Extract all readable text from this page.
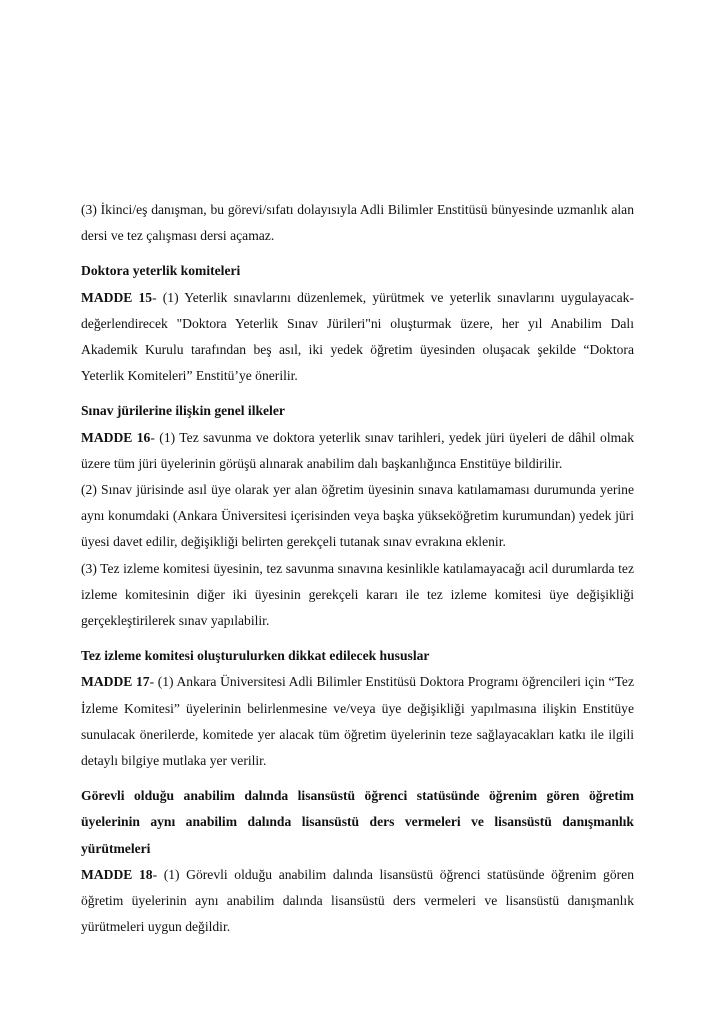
(3) İkinci/eş danışman, bu görevi/sıfatı dolayısıyla Adli Bilimler Enstitüsü bünyesinde uzmanlık alan dersi ve tez çalışması dersi açamaz.

Doktora yeterlik komiteleri

MADDE 15- (1) Yeterlik sınavlarını düzenlemek, yürütmek ve yeterlik sınavlarını uygulayacak-değerlendirecek "Doktora Yeterlik Sınav Jürileri"ni oluşturmak üzere, her yıl Anabilim Dalı Akademik Kurulu tarafından beş asıl, iki yedek öğretim üyesinden oluşacak şekilde “Doktora Yeterlik Komiteleri” Enstitü’ye önerilir.

Sınav jürilerine ilişkin genel ilkeler

MADDE 16- (1) Tez savunma ve doktora yeterlik sınav tarihleri, yedek jüri üyeleri de dâhil olmak üzere tüm jüri üyelerinin görüşü alınarak anabilim dalı başkanlığınca Enstitüye bildirilir.

(2) Sınav jürisinde asıl üye olarak yer alan öğretim üyesinin sınava katılamaması durumunda yerine aynı konumdaki (Ankara Üniversitesi içerisinden veya başka yükseköğretim kurumundan) yedek jüri üyesi davet edilir, değişikliği belirten gerekçeli tutanak sınav evrakına eklenir.

(3) Tez izleme komitesi üyesinin, tez savunma sınavına kesinlikle katılamayacağı acil durumlarda tez izleme komitesinin diğer iki üyesinin gerekçeli kararı ile tez izleme komitesi üye değişikliği gerçekleştirilerek sınav yapılabilir.

Tez izleme komitesi oluşturulurken dikkat edilecek hususlar

MADDE 17- (1) Ankara Üniversitesi Adli Bilimler Enstitüsü Doktora Programı öğrencileri için “Tez İzleme Komitesi” üyelerinin belirlenmesine ve/veya üye değişikliği yapılmasına ilişkin Enstitüye sunulacak önerilerde, komitede yer alacak tüm öğretim üyelerinin teze sağlayacakları katkı ile ilgili detaylı bilgiye mutlaka yer verilir.

Görevli olduğu anabilim dalında lisansüstü öğrenci statüsünde öğrenim gören öğretim üyelerinin aynı anabilim dalında lisansüstü ders vermeleri ve lisansüstü danışmanlık yürütmeleri

MADDE 18- (1) Görevli olduğu anabilim dalında lisansüstü öğrenci statüsünde öğrenim gören öğretim üyelerinin aynı anabilim dalında lisansüstü ders vermeleri ve lisansüstü danışmanlık yürütmeleri uygun değildir.
